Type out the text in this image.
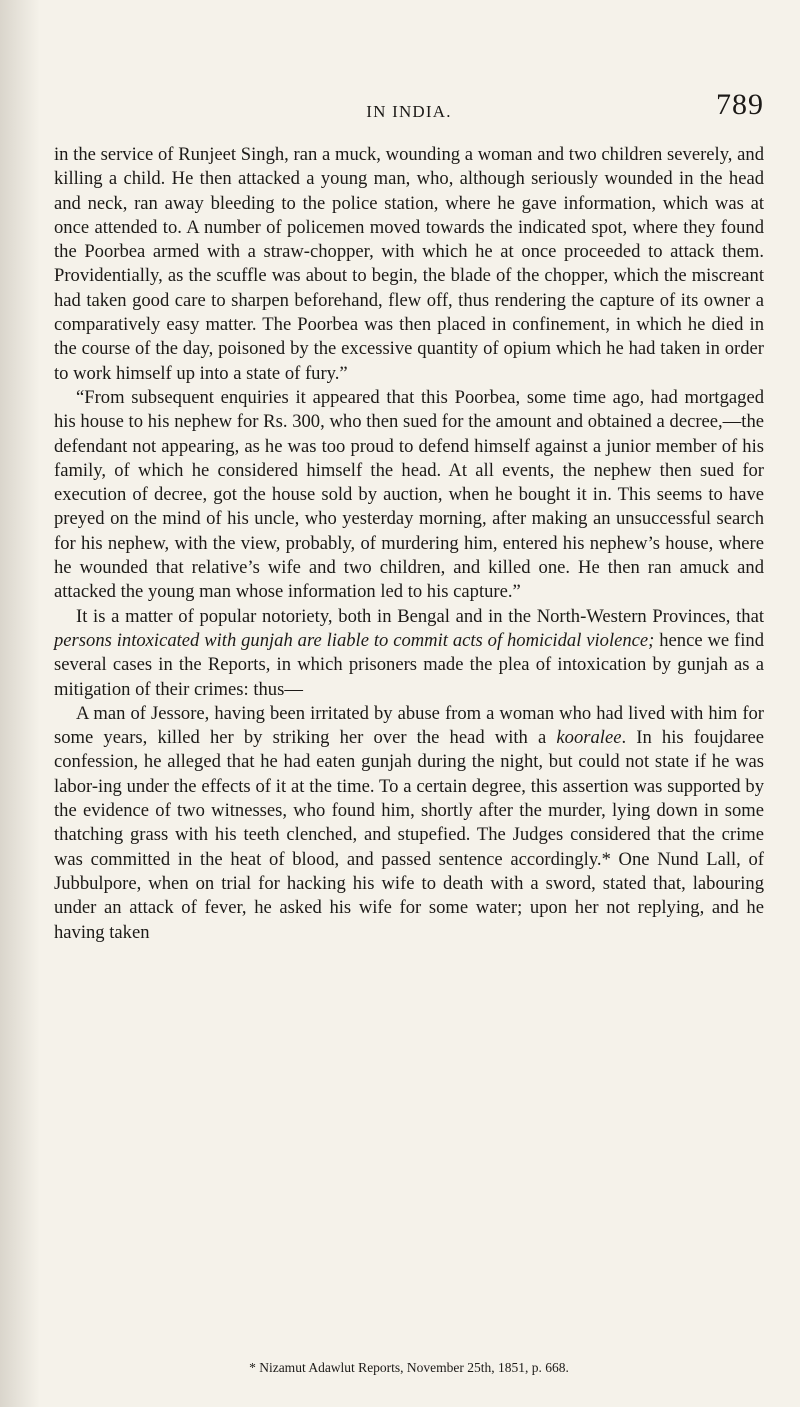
IN INDIA.	789

in the service of Runjeet Singh, ran a muck, wounding a woman and two children severely, and killing a child. He then attacked a young man, who, although seriously wounded in the head and neck, ran away bleeding to the police station, where he gave information, which was at once attended to. A number of policemen moved towards the indicated spot, where they found the Poorbea armed with a straw-chopper, with which he at once proceeded to attack them. Providentially, as the scuffle was about to begin, the blade of the chopper, which the miscreant had taken good care to sharpen beforehand, flew off, thus rendering the capture of its owner a comparatively easy matter. The Poorbea was then placed in confinement, in which he died in the course of the day, poisoned by the excessive quantity of opium which he had taken in order to work himself up into a state of fury.”

“From subsequent enquiries it appeared that this Poorbea, some time ago, had mortgaged his house to his nephew for Rs. 300, who then sued for the amount and obtained a decree,—the defendant not appearing, as he was too proud to defend himself against a junior member of his family, of which he considered himself the head. At all events, the nephew then sued for execution of decree, got the house sold by auction, when he bought it in. This seems to have preyed on the mind of his uncle, who yesterday morning, after making an unsuccessful search for his nephew, with the view, probably, of murdering him, entered his nephew’s house, where he wounded that relative’s wife and two children, and killed one. He then ran amuck and attacked the young man whose information led to his capture.”

It is a matter of popular notoriety, both in Bengal and in the North-Western Provinces, that persons intoxicated with gunjah are liable to commit acts of homicidal violence; hence we find several cases in the Reports, in which prisoners made the plea of intoxication by gunjah as a mitigation of their crimes: thus—

A man of Jessore, having been irritated by abuse from a woman who had lived with him for some years, killed her by striking her over the head with a kooralee. In his foujdaree confession, he alleged that he had eaten gunjah during the night, but could not state if he was labor-ing under the effects of it at the time. To a certain degree, this assertion was supported by the evidence of two witnesses, who found him, shortly after the murder, lying down in some thatching grass with his teeth clenched, and stupefied. The Judges considered that the crime was committed in the heat of blood, and passed sentence accordingly.* One Nund Lall, of Jubbulpore, when on trial for hacking his wife to death with a sword, stated that, labouring under an attack of fever, he asked his wife for some water; upon her not replying, and he having taken

* Nizamut Adawlut Reports, November 25th, 1851, p. 668.
